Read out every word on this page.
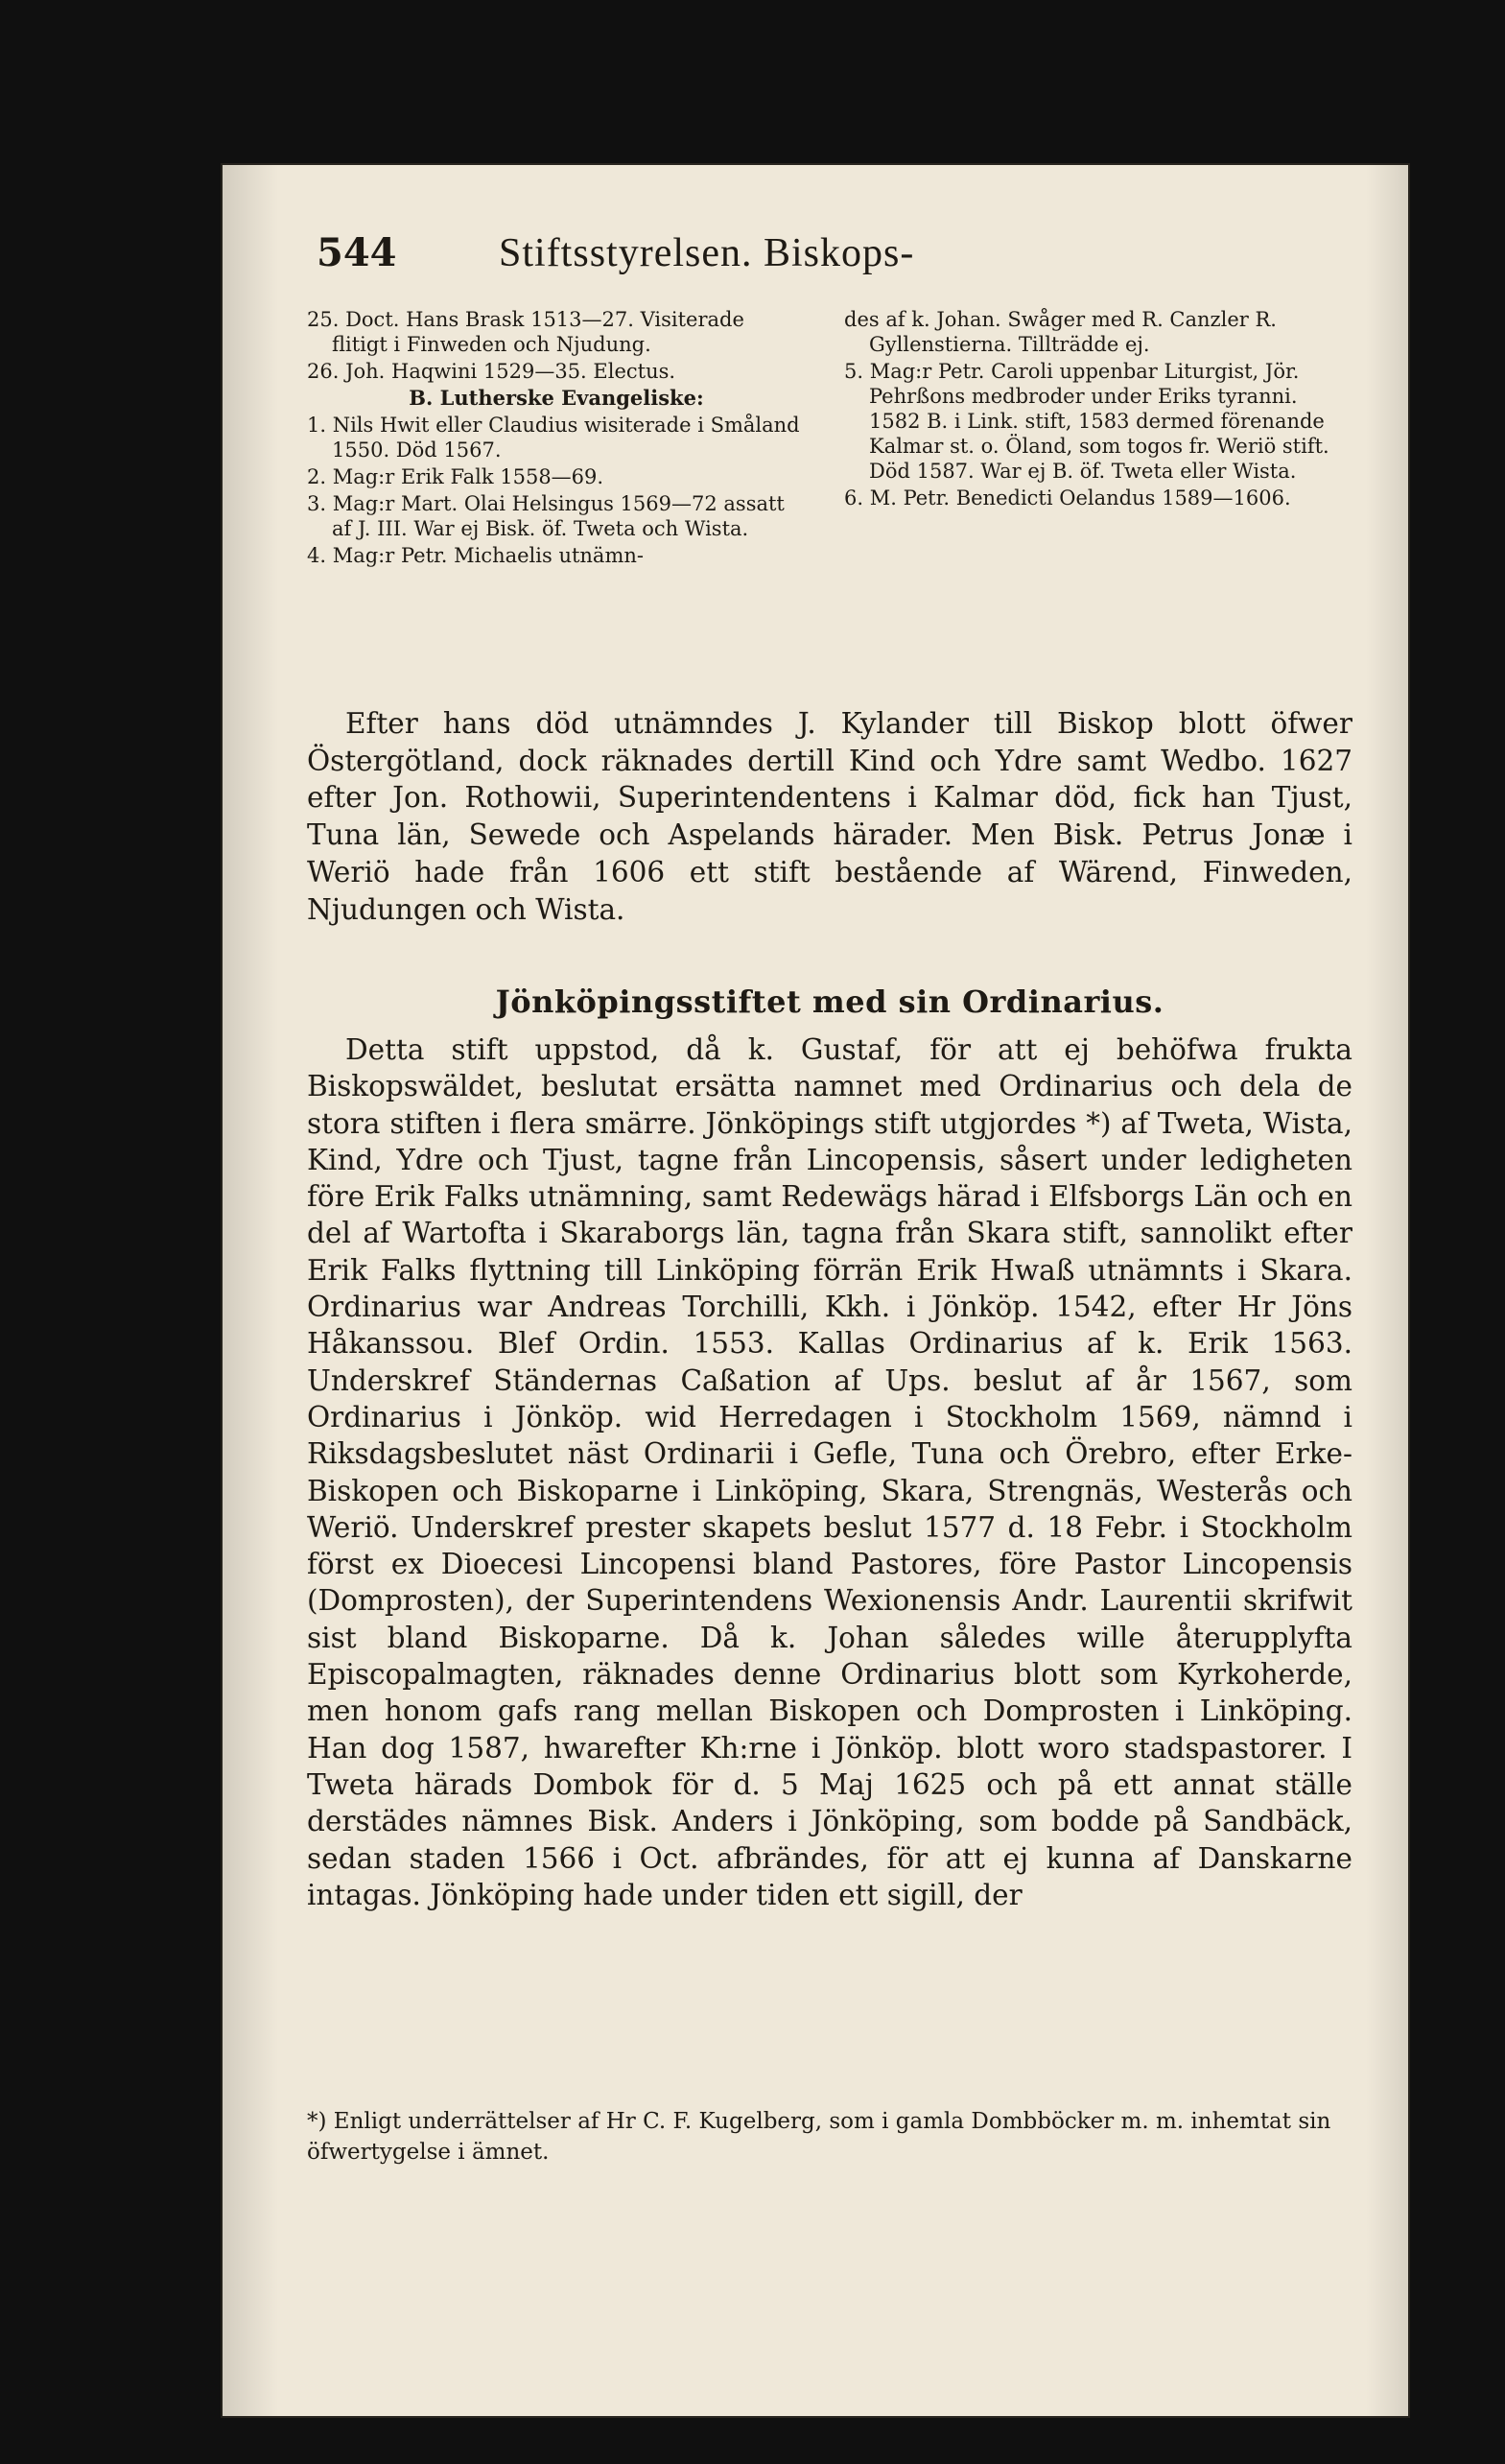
544	Stiftsstyrelsen. Biskops-

25. Doct. Hans Brask 1513—27. Visiterade flitigt i Finweden och Njudung.

26. Joh. Haqwini 1529—35. Electus.

B. Lutherske Evangeliske:

1. Nils Hwit eller Claudius wisiterade i Småland 1550. Död 1567.

2. Mag:r Erik Falk 1558—69.

3. Mag:r Mart. Olai Helsingus 1569—72 assatt af J. III. War ej Bisk. öf. Tweta och Wista.

4. Mag:r Petr. Michaelis utnämn-

des af k. Johan. Swåger med R. Canzler R. Gyllenstierna. Tillträdde ej.

5. Mag:r Petr. Caroli uppenbar Liturgist, Jör. Pehrßons medbroder under Eriks tyranni. 1582 B. i Link. stift, 1583 dermed förenande Kalmar st. o. Öland, som togos fr. Weriö stift. Död 1587. War ej B. öf. Tweta eller Wista.

6. M. Petr. Benedicti Oelandus 1589—1606.

Efter hans död utnämndes J. Kylander till Biskop blott öfwer Östergötland, dock räknades dertill Kind och Ydre samt Wedbo. 1627 efter Jon. Rothowii, Superintendentens i Kalmar död, fick han Tjust, Tuna län, Sewede och Aspelands härader. Men Bisk. Petrus Jonæ i Weriö hade från 1606 ett stift bestående af Wärend, Finweden, Njudungen och Wista.

Jönköpingsstiftet med sin Ordinarius.

Detta stift uppstod, då k. Gustaf, för att ej behöfwa frukta Biskopswäldet, beslutat ersätta namnet med Ordinarius och dela de stora stiften i flera smärre. Jönköpings stift utgjordes *) af Tweta, Wista, Kind, Ydre och Tjust, tagne från Lincopensis, såsert under ledigheten före Erik Falks utnämning, samt Redewägs härad i Elfsborgs Län och en del af Wartofta i Skaraborgs län, tagna från Skara stift, sannolikt efter Erik Falks flyttning till Linköping förrän Erik Hwaß utnämnts i Skara. Ordinarius war Andreas Torchilli, Kkh. i Jönköp. 1542, efter Hr Jöns Håkanssou. Blef Ordin. 1553. Kallas Ordinarius af k. Erik 1563. Underskref Ständernas Caßation af Ups. beslut af år 1567, som Ordinarius i Jönköp. wid Herredagen i Stockholm 1569, nämnd i Riksdagsbeslutet näst Ordinarii i Gefle, Tuna och Örebro, efter Erke-Biskopen och Biskoparne i Linköping, Skara, Strengnäs, Westerås och Weriö. Underskref prester skapets beslut 1577 d. 18 Febr. i Stockholm först ex Dioecesi Lincopensi bland Pastores, före Pastor Lincopensis (Domprosten), der Superintendens Wexionensis Andr. Laurentii skrifwit sist bland Biskoparne. Då k. Johan således wille återupplyfta Episcopalmagten, räknades denne Ordinarius blott som Kyrkoherde, men honom gafs rang mellan Biskopen och Domprosten i Linköping. Han dog 1587, hwarefter Kh:rne i Jönköp. blott woro stadspastorer. I Tweta härads Dombok för d. 5 Maj 1625 och på ett annat ställe derstädes nämnes Bisk. Anders i Jönköping, som bodde på Sandbäck, sedan staden 1566 i Oct. afbrändes, för att ej kunna af Danskarne intagas. Jönköping hade under tiden ett sigill, der

*) Enligt underrättelser af Hr C. F. Kugelberg, som i gamla Dombböcker m. m. inhemtat sin öfwertygelse i ämnet.
